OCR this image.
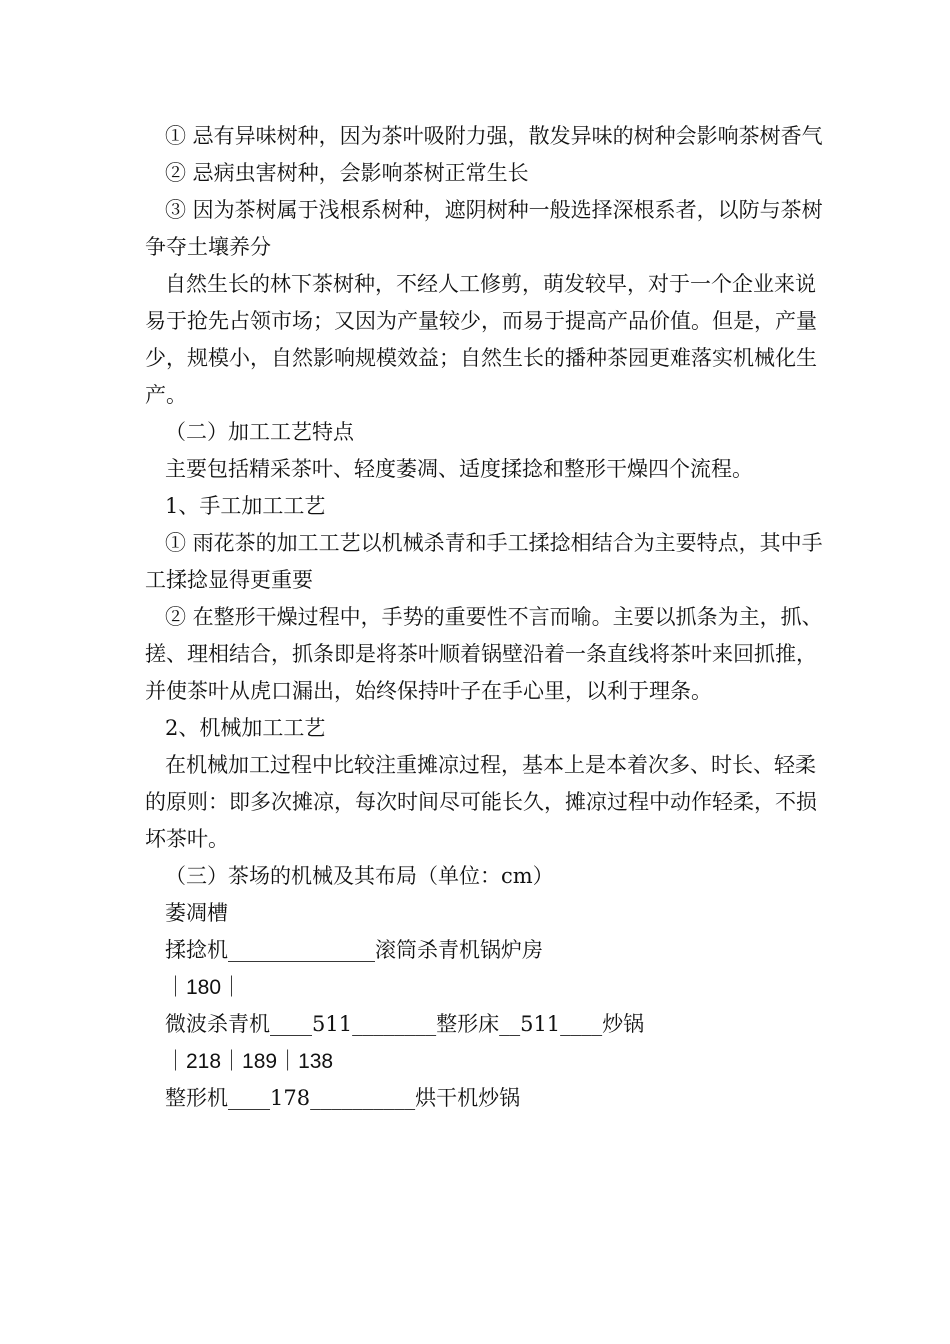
① 忌有异味树种，因为茶叶吸附力强，散发异味的树种会影响茶树香气

② 忌病虫害树种，会影响茶树正常生长

③ 因为茶树属于浅根系树种，遮阴树种一般选择深根系者，以防与茶树争夺土壤养分

自然生长的林下茶树种，不经人工修剪，萌发较早，对于一个企业来说易于抢先占领市场；又因为产量较少，而易于提高产品价值。但是，产量少，规模小，自然影响规模效益；自然生长的播种茶园更难落实机械化生产。

（二）加工工艺特点

主要包括精采茶叶、轻度萎凋、适度揉捻和整形干燥四个流程。

1、手工加工工艺

① 雨花茶的加工工艺以机械杀青和手工揉捻相结合为主要特点，其中手工揉捻显得更重要

② 在整形干燥过程中，手势的重要性不言而喻。主要以抓条为主，抓、搓、理相结合，抓条即是将茶叶顺着锅壁沿着一条直线将茶叶来回抓推，并使茶叶从虎口漏出，始终保持叶子在手心里，以利于理条。

2、机械加工工艺

在机械加工过程中比较注重摊凉过程，基本上是本着次多、时长、轻柔的原则：即多次摊凉，每次时间尽可能长久，摊凉过程中动作轻柔，不损坏茶叶。

（三）茶场的机械及其布局（单位：cm）

萎凋槽
揉捻机______________滚筒杀青机锅炉房
｜180｜
微波杀青机____511________整形床__511____炒锅
｜218｜189｜138
整形机____178__________烘干机炒锅
